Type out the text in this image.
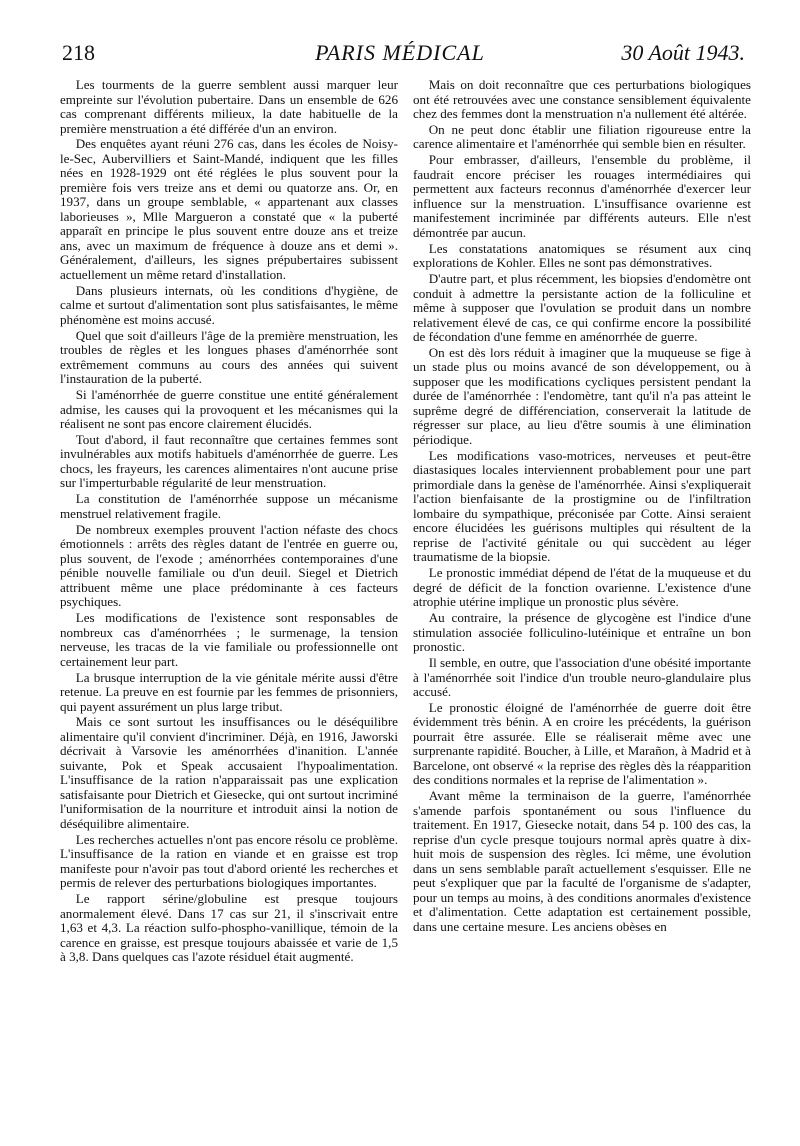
218	PARIS MÉDICAL	30 Août 1943.

Les tourments de la guerre semblent aussi marquer leur empreinte sur l'évolution pubertaire. Dans un ensemble de 626 cas comprenant différents milieux, la date habituelle de la première menstruation a été différée d'un an environ.

Des enquêtes ayant réuni 276 cas, dans les écoles de Noisy-le-Sec, Aubervilliers et Saint-Mandé, indiquent que les filles nées en 1928-1929 ont été réglées le plus souvent pour la première fois vers treize ans et demi ou quatorze ans. Or, en 1937, dans un groupe semblable, « appartenant aux classes laborieuses », Mlle Margueron a constaté que « la puberté apparaît en principe le plus souvent entre douze ans et treize ans, avec un maximum de fréquence à douze ans et demi ». Généralement, d'ailleurs, les signes prépubertaires subissent actuellement un même retard d'installation.

Dans plusieurs internats, où les conditions d'hygiène, de calme et surtout d'alimentation sont plus satisfaisantes, le même phénomène est moins accusé.

Quel que soit d'ailleurs l'âge de la première menstruation, les troubles de règles et les longues phases d'aménorrhée sont extrêmement communs au cours des années qui suivent l'instauration de la puberté.

Si l'aménorrhée de guerre constitue une entité généralement admise, les causes qui la provoquent et les mécanismes qui la réalisent ne sont pas encore clairement élucidés.

Tout d'abord, il faut reconnaître que certaines femmes sont invulnérables aux motifs habituels d'aménorrhée de guerre. Les chocs, les frayeurs, les carences alimentaires n'ont aucune prise sur l'imperturbable régularité de leur menstruation.

La constitution de l'aménorrhée suppose un mécanisme menstruel relativement fragile.

De nombreux exemples prouvent l'action néfaste des chocs émotionnels : arrêts des règles datant de l'entrée en guerre ou, plus souvent, de l'exode ; aménorrhées contemporaines d'une pénible nouvelle familiale ou d'un deuil. Siegel et Dietrich attribuent même une place prédominante à ces facteurs psychiques.

Les modifications de l'existence sont responsables de nombreux cas d'aménorrhées ; le surmenage, la tension nerveuse, les tracas de la vie familiale ou professionnelle ont certainement leur part.

La brusque interruption de la vie génitale mérite aussi d'être retenue. La preuve en est fournie par les femmes de prisonniers, qui payent assurément un plus large tribut.

Mais ce sont surtout les insuffisances ou le déséquilibre alimentaire qu'il convient d'incriminer. Déjà, en 1916, Jaworski décrivait à Varsovie les aménorrhées d'inanition. L'année suivante, Pok et Speak accusaient l'hypoalimentation. L'insuffisance de la ration n'apparaissait pas une explication satisfaisante pour Dietrich et Giesecke, qui ont surtout incriminé l'uniformisation de la nourriture et introduit ainsi la notion de déséquilibre alimentaire.

Les recherches actuelles n'ont pas encore résolu ce problème. L'insuffisance de la ration en viande et en graisse est trop manifeste pour n'avoir pas tout d'abord orienté les recherches et permis de relever des perturbations biologiques importantes.

Le rapport sérine/globuline est presque toujours anormalement élevé. Dans 17 cas sur 21, il s'inscrivait entre 1,63 et 4,3. La réaction sulfo-phospho-vanillique, témoin de la carence en graisse, est presque toujours abaissée et varie de 1,5 à 3,8. Dans quelques cas l'azote résiduel était augmenté.

Mais on doit reconnaître que ces perturbations biologiques ont été retrouvées avec une constance sensiblement équivalente chez des femmes dont la menstruation n'a nullement été altérée.

On ne peut donc établir une filiation rigoureuse entre la carence alimentaire et l'aménorrhée qui semble bien en résulter.

Pour embrasser, d'ailleurs, l'ensemble du problème, il faudrait encore préciser les rouages intermédiaires qui permettent aux facteurs reconnus d'aménorrhée d'exercer leur influence sur la menstruation. L'insuffisance ovarienne est manifestement incriminée par différents auteurs. Elle n'est démontrée par aucun.

Les constatations anatomiques se résument aux cinq explorations de Kohler. Elles ne sont pas démonstratives.

D'autre part, et plus récemment, les biopsies d'endomètre ont conduit à admettre la persistante action de la folliculine et même à supposer que l'ovulation se produit dans un nombre relativement élevé de cas, ce qui confirme encore la possibilité de fécondation d'une femme en aménorrhée de guerre.

On est dès lors réduit à imaginer que la muqueuse se fige à un stade plus ou moins avancé de son développement, ou à supposer que les modifications cycliques persistent pendant la durée de l'aménorrhée : l'endomètre, tant qu'il n'a pas atteint le suprême degré de différenciation, conserverait la latitude de régresser sur place, au lieu d'être soumis à une élimination périodique.

Les modifications vaso-motrices, nerveuses et peut-être diastasiques locales interviennent probablement pour une part primordiale dans la genèse de l'aménorrhée. Ainsi s'expliquerait l'action bienfaisante de la prostigmine ou de l'infiltration lombaire du sympathique, préconisée par Cotte. Ainsi seraient encore élucidées les guérisons multiples qui résultent de la reprise de l'activité génitale ou qui succèdent au léger traumatisme de la biopsie.

Le pronostic immédiat dépend de l'état de la muqueuse et du degré de déficit de la fonction ovarienne. L'existence d'une atrophie utérine implique un pronostic plus sévère.

Au contraire, la présence de glycogène est l'indice d'une stimulation associée folliculino-lutéinique et entraîne un bon pronostic.

Il semble, en outre, que l'association d'une obésité importante à l'aménorrhée soit l'indice d'un trouble neuro-glandulaire plus accusé.

Le pronostic éloigné de l'aménorrhée de guerre doit être évidemment très bénin. A en croire les précédents, la guérison pourrait être assurée. Elle se réaliserait même avec une surprenante rapidité. Boucher, à Lille, et Marañon, à Madrid et à Barcelone, ont observé « la reprise des règles dès la réapparition des conditions normales et la reprise de l'alimentation ».

Avant même la terminaison de la guerre, l'aménorrhée s'amende parfois spontanément ou sous l'influence du traitement. En 1917, Giesecke notait, dans 54 p. 100 des cas, la reprise d'un cycle presque toujours normal après quatre à dix-huit mois de suspension des règles. Ici même, une évolution dans un sens semblable paraît actuellement s'esquisser. Elle ne peut s'expliquer que par la faculté de l'organisme de s'adapter, pour un temps au moins, à des conditions anormales d'existence et d'alimentation. Cette adaptation est certainement possible, dans une certaine mesure. Les anciens obèses en
